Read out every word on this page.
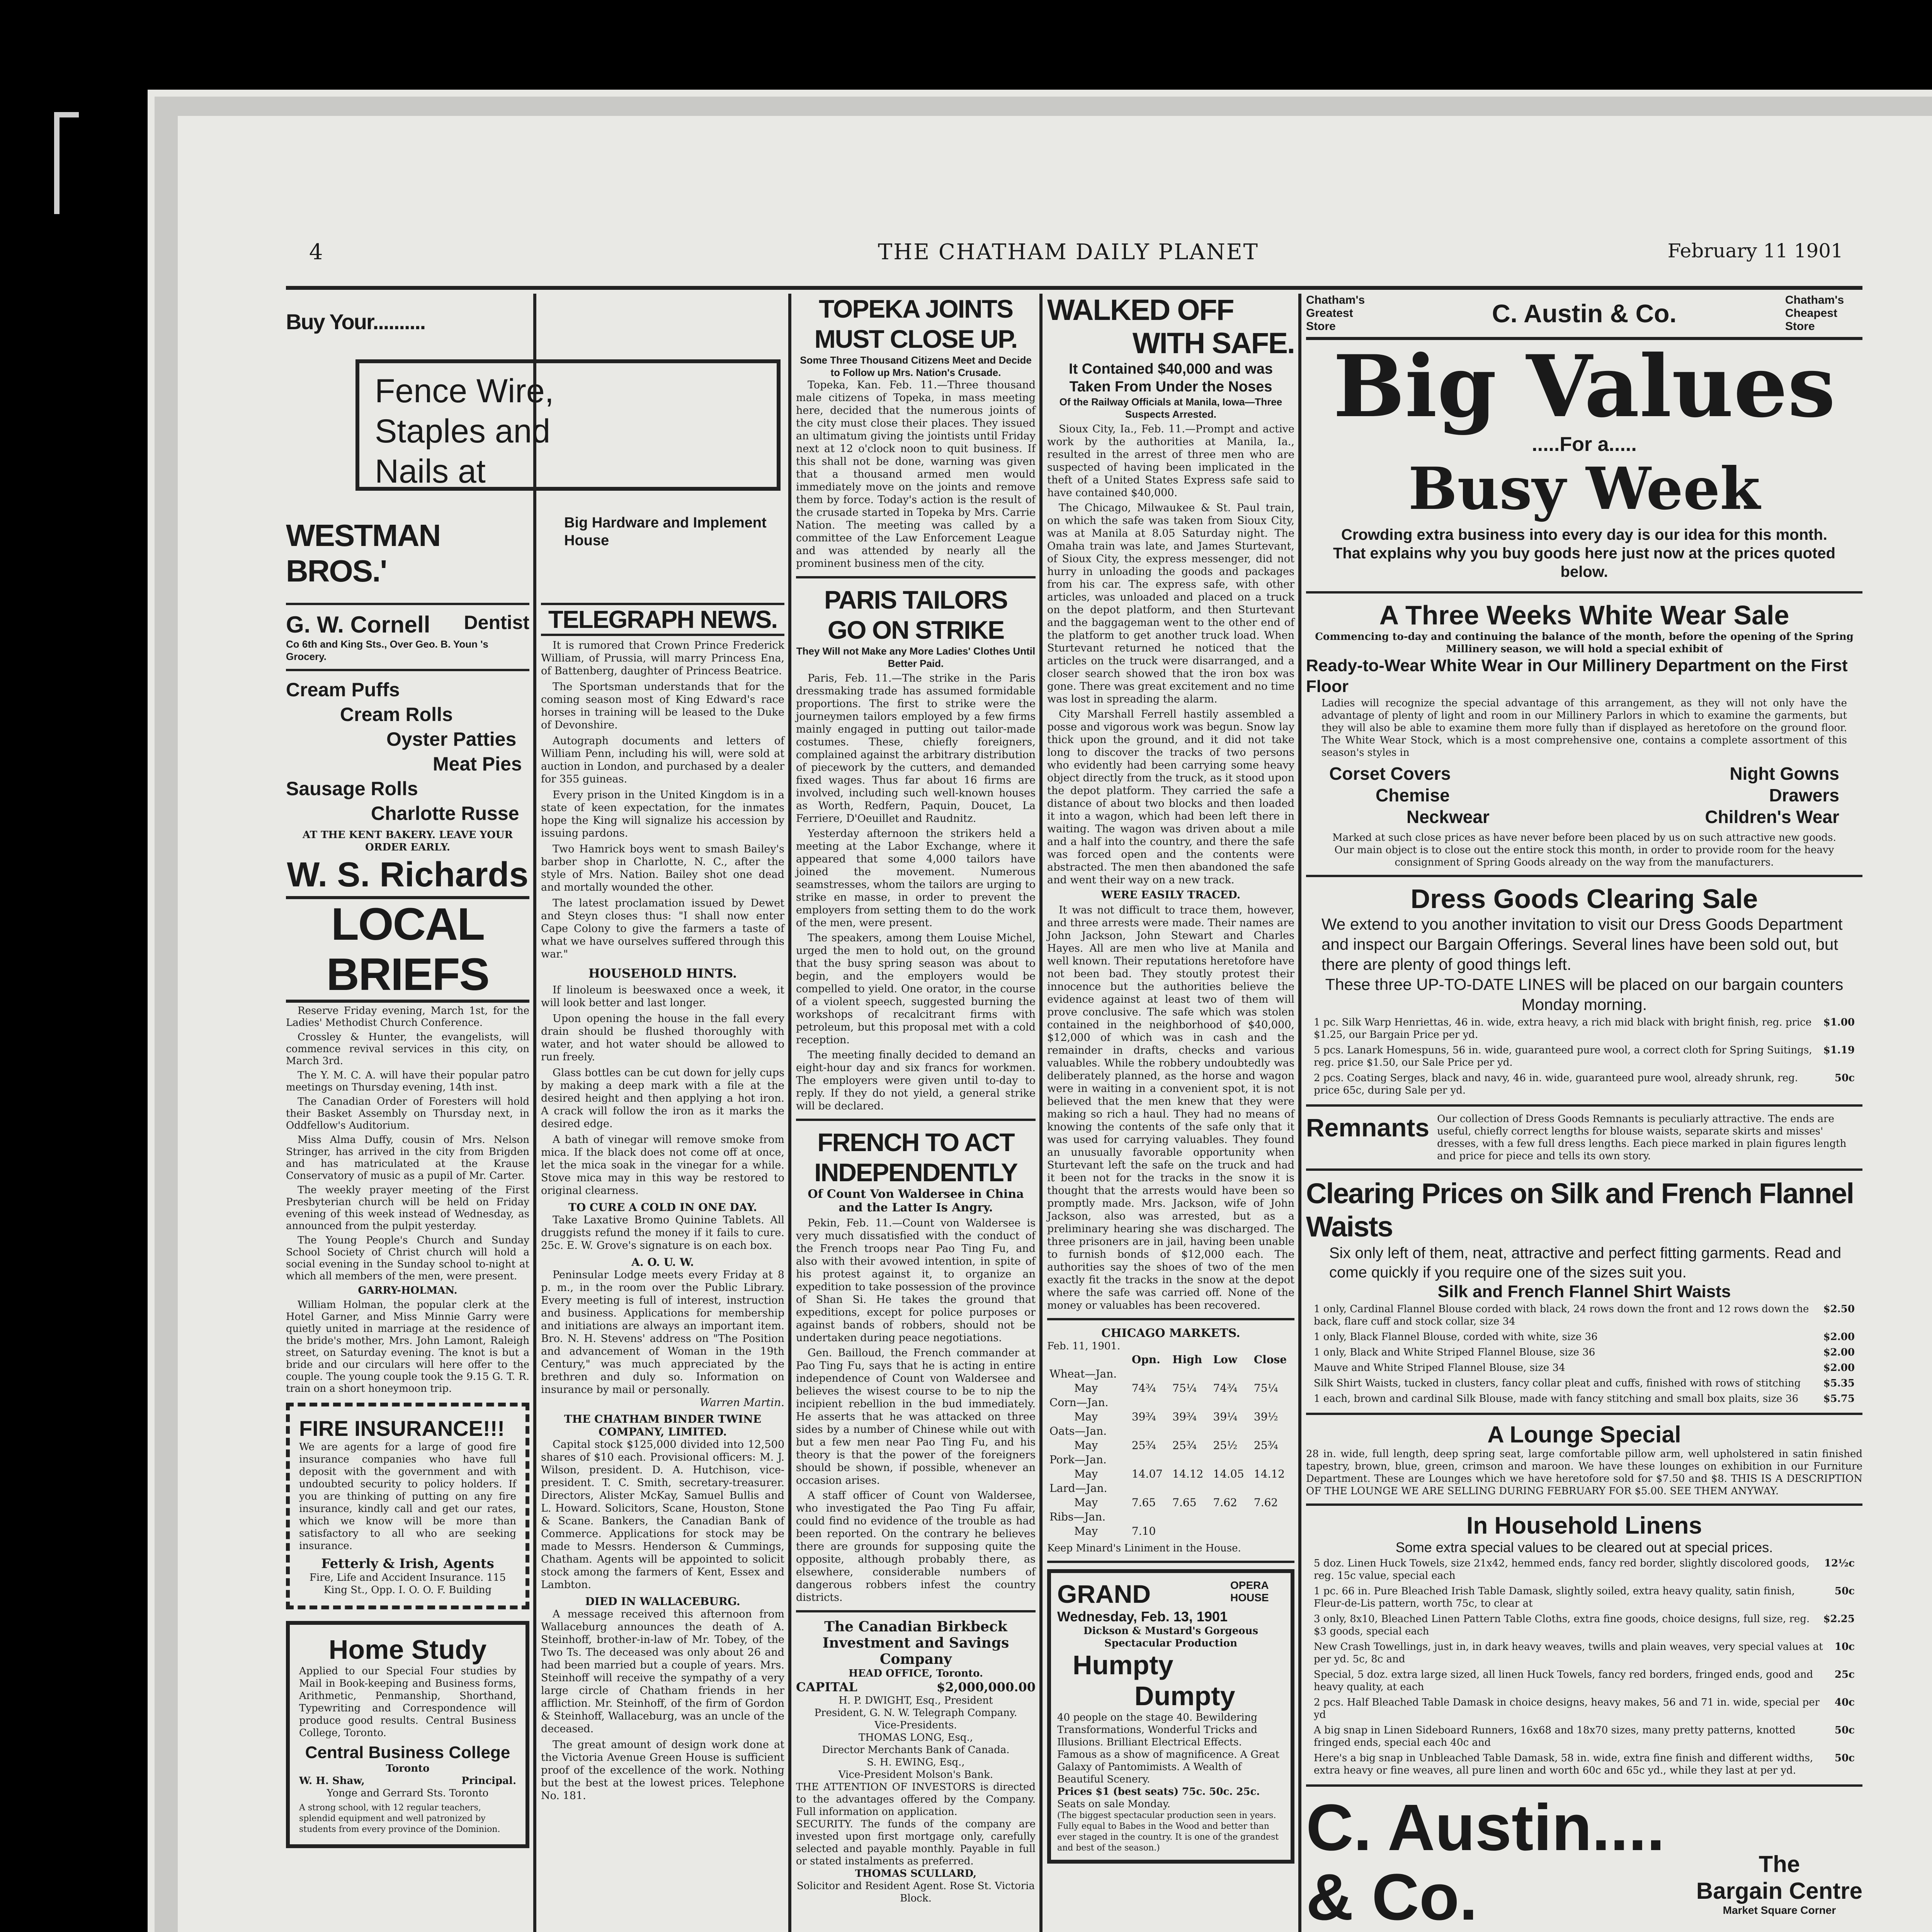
4	THE CHATHAM DAILY PLANET	February 11 1901
Buy Your..........
Fence Wire,
Staples and
Nails at
WESTMAN BROS.'
Big Hardware and Implement House
G. W. Cornell Dentist
Co 6th and King Sts., Over Geo. B. Youn 's Grocery.
Cream Puffs
Cream Rolls
Oyster Patties
Meat Pies
Sausage Rolls
Charlotte Russe
AT THE KENT BAKERY. LEAVE YOUR ORDER EARLY.
W. S. Richards
LOCAL BRIEFS

Reserve Friday evening, March 1st, for the Ladies' Methodist Church Conference.

Crossley & Hunter, the evangelists, will commence revival services in this city, on March 3rd.

The Y. M. C. A. will have their popular patro meetings on Thursday evening, 14th inst.

The Canadian Order of Foresters will hold their Basket Assembly on Thursday next, in Oddfellow's Auditorium.

Miss Alma Duffy, cousin of Mrs. Nelson Stringer, has arrived in the city from Brigden and has matriculated at the Krause Conservatory of music as a pupil of Mr. Carter.

The weekly prayer meeting of the First Presbyterian church will be held on Friday evening of this week instead of Wednesday, as announced from the pulpit yesterday.

The Young People's Church and Sunday School Society of Christ church will hold a social evening in the Sunday school to-night at which all members of the men, were present.

GARRY-HOLMAN.

William Holman, the popular clerk at the Hotel Garner, and Miss Minnie Garry were quietly united in marriage at the residence of the bride's mother, Mrs. John Lamont, Raleigh street, on Saturday evening. The knot is but a bride and our circulars will here offer to the couple. The young couple took the 9.15 G. T. R. train on a short honeymoon trip.

FIRE INSURANCE!!!
We are agents for a large of good fire insurance companies who have full deposit with the government and with undoubted security to policy holders. If you are thinking of putting on any fire insurance, kindly call and get our rates, which we know will be more than satisfactory to all who are seeking insurance.
Fetterly & Irish, Agents
Fire, Life and Accident Insurance. 115 King St., Opp. I. O. O. F. Building
Home Study
Applied to our Special Four studies by Mail in Book-keeping and Business forms, Arithmetic, Penmanship, Shorthand, Typewriting and Correspondence will produce good results. Central Business College, Toronto.
Central Business College
Toronto
W. H. Shaw,	Principal.
Yonge and Gerrard Sts. Toronto
A strong school, with 12 regular teachers, splendid equipment and well patronized by students from every province of the Dominion.
TELEGRAPH NEWS.

It is rumored that Crown Prince Frederick William, of Prussia, will marry Princess Ena, of Battenberg, daughter of Princess Beatrice.

The Sportsman understands that for the coming season most of King Edward's race horses in training will be leased to the Duke of Devonshire.

Autograph documents and letters of William Penn, including his will, were sold at auction in London, and purchased by a dealer for 355 guineas.

Every prison in the United Kingdom is in a state of keen expectation, for the inmates hope the King will signalize his accession by issuing pardons.

Two Hamrick boys went to smash Bailey's barber shop in Charlotte, N. C., after the style of Mrs. Nation. Bailey shot one dead and mortally wounded the other.

The latest proclamation issued by Dewet and Steyn closes thus: "I shall now enter Cape Colony to give the farmers a taste of what we have ourselves suffered through this war."

HOUSEHOLD HINTS.

If linoleum is beeswaxed once a week, it will look better and last longer.

Upon opening the house in the fall every drain should be flushed thoroughly with water, and hot water should be allowed to run freely.

Glass bottles can be cut down for jelly cups by making a deep mark with a file at the desired height and then applying a hot iron. A crack will follow the iron as it marks the desired edge.

A bath of vinegar will remove smoke from mica. If the black does not come off at once, let the mica soak in the vinegar for a while. Stove mica may in this way be restored to original clearness.

TO CURE A COLD IN ONE DAY.
Take Laxative Bromo Quinine Tablets. All druggists refund the money if it fails to cure. 25c. E. W. Grove's signature is on each box.
A. O. U. W.
Peninsular Lodge meets every Friday at 8 p. m., in the room over the Public Library. Every meeting is full of interest, instruction and business. Applications for membership and initiations are always an important item. Bro. N. H. Stevens' address on "The Position and advancement of Woman in the 19th Century," was much appreciated by the brethren and duly so. Information on insurance by mail or personally.
Warren Martin.
THE CHATHAM BINDER TWINE COMPANY, LIMITED.
Capital stock $125,000 divided into 12,500 shares of $10 each. Provisional officers: M. J. Wilson, president. D. A. Hutchison, vice-president. T. C. Smith, secretary-treasurer. Directors, Alister McKay, Samuel Bullis and L. Howard. Solicitors, Scane, Houston, Stone & Scane. Bankers, the Canadian Bank of Commerce. Applications for stock may be made to Messrs. Henderson & Cummings, Chatham. Agents will be appointed to solicit stock among the farmers of Kent, Essex and Lambton.
DIED IN WALLACEBURG.
A message received this afternoon from Wallaceburg announces the death of A. Steinhoff, brother-in-law of Mr. Tobey, of the Two Ts. The deceased was only about 26 and had been married but a couple of years. Mrs. Steinhoff will receive the sympathy of a very large circle of Chatham friends in her affliction. Mr. Steinhoff, of the firm of Gordon & Steinhoff, Wallaceburg, was an uncle of the deceased.
The great amount of design work done at the Victoria Avenue Green House is sufficient proof of the excellence of the work. Nothing but the best at the lowest prices. Telephone No. 181.
TOPEKA JOINTS
MUST CLOSE UP.
Some Three Thousand Citizens Meet and Decide to Follow up Mrs. Nation's Crusade.
Topeka, Kan. Feb. 11.—Three thousand male citizens of Topeka, in mass meeting here, decided that the numerous joints of the city must close their places. They issued an ultimatum giving the jointists until Friday next at 12 o'clock noon to quit business. If this shall not be done, warning was given that a thousand armed men would immediately move on the joints and remove them by force. Today's action is the result of the crusade started in Topeka by Mrs. Carrie Nation. The meeting was called by a committee of the Law Enforcement League and was attended by nearly all the prominent business men of the city.
PARIS TAILORS
GO ON STRIKE
They Will not Make any More Ladies' Clothes Until Better Paid.

Paris, Feb. 11.—The strike in the Paris dressmaking trade has assumed formidable proportions. The first to strike were the journeymen tailors employed by a few firms mainly engaged in putting out tailor-made costumes. These, chiefly foreigners, complained against the arbitrary distribution of piecework by the cutters, and demanded fixed wages. Thus far about 16 firms are involved, including such well-known houses as Worth, Redfern, Paquin, Doucet, La Ferriere, D'Oeuillet and Raudnitz.

Yesterday afternoon the strikers held a meeting at the Labor Exchange, where it appeared that some 4,000 tailors have joined the movement. Numerous seamstresses, whom the tailors are urging to strike en masse, in order to prevent the employers from setting them to do the work of the men, were present.

The speakers, among them Louise Michel, urged the men to hold out, on the ground that the busy spring season was about to begin, and the employers would be compelled to yield. One orator, in the course of a violent speech, suggested burning the workshops of recalcitrant firms with petroleum, but this proposal met with a cold reception.

The meeting finally decided to demand an eight-hour day and six francs for workmen. The employers were given until to-day to reply. If they do not yield, a general strike will be declared.

FRENCH TO ACT
INDEPENDENTLY
Of Count Von Waldersee in China and the Latter Is Angry.

Pekin, Feb. 11.—Count von Waldersee is very much dissatisfied with the conduct of the French troops near Pao Ting Fu, and also with their avowed intention, in spite of his protest against it, to organize an expedition to take possession of the province of Shan Si. He takes the ground that expeditions, except for police purposes or against bands of robbers, should not be undertaken during peace negotiations.

Gen. Bailloud, the French commander at Pao Ting Fu, says that he is acting in entire independence of Count von Waldersee and believes the wisest course to be to nip the incipient rebellion in the bud immediately. He asserts that he was attacked on three sides by a number of Chinese while out with but a few men near Pao Ting Fu, and his theory is that the power of the foreigners should be shown, if possible, whenever an occasion arises.

A staff officer of Count von Waldersee, who investigated the Pao Ting Fu affair, could find no evidence of the trouble as had been reported. On the contrary he believes there are grounds for supposing quite the opposite, although probably there, as elsewhere, considerable numbers of dangerous robbers infest the country districts.

The Canadian Birkbeck Investment and Savings Company
HEAD OFFICE, Toronto.
CAPITAL	$2,000,000.00
H. P. DWIGHT, Esq., President
President, G. N. W. Telegraph Company.
Vice-Presidents.
THOMAS LONG, Esq.,
Director Merchants Bank of Canada.
S. H. EWING, Esq.,
Vice-President Molson's Bank.
THE ATTENTION OF INVESTORS is directed to the advantages offered by the Company. Full information on application.
SECURITY. The funds of the company are invested upon first mortgage only, carefully selected and payable monthly. Payable in full or stated instalments as preferred.
THOMAS SCULLARD,
Solicitor and Resident Agent. Rose St. Victoria Block.
WALKED OFF
WITH SAFE.
It Contained $40,000 and was Taken From Under the Noses
Of the Railway Officials at Manila, Iowa—Three Suspects Arrested.

Sioux City, Ia., Feb. 11.—Prompt and active work by the authorities at Manila, Ia., resulted in the arrest of three men who are suspected of having been implicated in the theft of a United States Express safe said to have contained $40,000.

The Chicago, Milwaukee & St. Paul train, on which the safe was taken from Sioux City, was at Manila at 8.05 Saturday night. The Omaha train was late, and James Sturtevant, of Sioux City, the express messenger, did not hurry in unloading the goods and packages from his car. The express safe, with other articles, was unloaded and placed on a truck on the depot platform, and then Sturtevant and the baggageman went to the other end of the platform to get another truck load. When Sturtevant returned he noticed that the articles on the truck were disarranged, and a closer search showed that the iron box was gone. There was great excitement and no time was lost in spreading the alarm.

City Marshall Ferrell hastily assembled a posse and vigorous work was begun. Snow lay thick upon the ground, and it did not take long to discover the tracks of two persons who evidently had been carrying some heavy object directly from the truck, as it stood upon the depot platform. They carried the safe a distance of about two blocks and then loaded it into a wagon, which had been left there in waiting. The wagon was driven about a mile and a half into the country, and there the safe was forced open and the contents were abstracted. The men then abandoned the safe and went their way on a new track.

WERE EASILY TRACED.

It was not difficult to trace them, however, and three arrests were made. Their names are John Jackson, John Stewart and Charles Hayes. All are men who live at Manila and well known. Their reputations heretofore have not been bad. They stoutly protest their innocence but the authorities believe the evidence against at least two of them will prove conclusive. The safe which was stolen contained in the neighborhood of $40,000, $12,000 of which was in cash and the remainder in drafts, checks and various valuables. While the robbery undoubtedly was deliberately planned, as the horse and wagon were in waiting in a convenient spot, it is not believed that the men knew that they were making so rich a haul. They had no means of knowing the contents of the safe only that it was used for carrying valuables. They found an unusually favorable opportunity when Sturtevant left the safe on the truck and had it been not for the tracks in the snow it is thought that the arrests would have been so promptly made. Mrs. Jackson, wife of John Jackson, also was arrested, but as a preliminary hearing she was discharged. The three prisoners are in jail, having been unable to furnish bonds of $12,000 each. The authorities say the shoes of two of the men exactly fit the tracks in the snow at the depot where the safe was carried off. None of the money or valuables has been recovered.

CHICAGO MARKETS.
Feb. 11, 1901.
	Opn.	High	Low	Close
Wheat—Jan.				
May	74¾	75¼	74¾	75¼
Corn—Jan.				
May	39¾	39¾	39¼	39½
Oats—Jan.				
May	25¾	25¾	25½	25¾
Pork—Jan.				
May	14.07	14.12	14.05	14.12
Lard—Jan.				
May	7.65	7.65	7.62	7.62
Ribs—Jan.				
May	7.10			
Keep Minard's Liniment in the House.
GRAND	OPERA HOUSE
Wednesday, Feb. 13, 1901
Dickson & Mustard's Gorgeous Spectacular Production
Humpty
Dumpty
40 people on the stage 40. Bewildering Transformations, Wonderful Tricks and Illusions. Brilliant Electrical Effects. Famous as a show of magnificence. A Great Galaxy of Pantomimists. A Wealth of Beautiful Scenery.
Prices $1 (best seats) 75c. 50c. 25c.
Seats on sale Monday.
(The biggest spectacular production seen in years. Fully equal to Babes in the Wood and better than ever staged in the country. It is one of the grandest and best of the season.)
Chatham's Greatest Store	C. Austin & Co.	Chatham's Cheapest Store
Big Values
.....For a.....
Busy Week
Crowding extra business into every day is our idea for this month. That explains why you buy goods here just now at the prices quoted below.
A Three Weeks White Wear Sale
Commencing to-day and continuing the balance of the month, before the opening of the Spring Millinery season, we will hold a special exhibit of
Ready-to-Wear White Wear in Our Millinery Department on the First Floor
Ladies will recognize the special advantage of this arrangement, as they will not only have the advantage of plenty of light and room in our Millinery Parlors in which to examine the garments, but they will also be able to examine them more fully than if displayed as heretofore on the ground floor. The White Wear Stock, which is a most comprehensive one, contains a complete assortment of this season's styles in
Corset Covers	Night Gowns
Chemise	Drawers
Neckwear	Children's Wear
Marked at such close prices as have never before been placed by us on such attractive new goods.
Our main object is to close out the entire stock this month, in order to provide room for the heavy consignment of Spring Goods already on the way from the manufacturers.
Dress Goods Clearing Sale
We extend to you another invitation to visit our Dress Goods Department and inspect our Bargain Offerings. Several lines have been sold out, but there are plenty of good things left.
These three UP-TO-DATE LINES will be placed on our bargain counters Monday morning.
1 pc. Silk Warp Henriettas, 46 in. wide, extra heavy, a rich mid black with bright finish, reg. price $1.25, our Bargain Price per yd.
$1.00
5 pcs. Lanark Homespuns, 56 in. wide, guaranteed pure wool, a correct cloth for Spring Suitings, reg. price $1.50, our Sale Price per yd.
$1.19
2 pcs. Coating Serges, black and navy, 46 in. wide, guaranteed pure wool, already shrunk, reg. price 65c, during Sale per yd.
50c
Remnants Our collection of Dress Goods Remnants is peculiarly attractive. The ends are useful, chiefly correct lengths for blouse waists, separate skirts and misses' dresses, with a few full dress lengths. Each piece marked in plain figures length and price for piece and tells its own story.
Clearing Prices on Silk and French Flannel Waists
Six only left of them, neat, attractive and perfect fitting garments. Read and come quickly if you require one of the sizes suit you.
Silk and French Flannel Shirt Waists
1 only, Cardinal Flannel Blouse corded with black, 24 rows down the front and 12 rows down the back, flare cuff and stock collar, size 34
$2.50
1 only, Black Flannel Blouse, corded with white, size 36	$2.00
1 only, Black and White Striped Flannel Blouse, size 36	$2.00
Mauve and White Striped Flannel Blouse, size 34	$2.00
Silk Shirt Waists, tucked in clusters, fancy collar pleat and cuffs, finished with rows of stitching	$5.35
1 each, brown and cardinal Silk Blouse, made with fancy stitching and small box plaits, size 36	$5.75
A Lounge Special
28 in. wide, full length, deep spring seat, large comfortable pillow arm, well upholstered in satin finished tapestry, brown, blue, green, crimson and maroon. We have these lounges on exhibition in our Furniture Department. These are Lounges which we have heretofore sold for $7.50 and $8. THIS IS A DESCRIPTION OF THE LOUNGE WE ARE SELLING DURING FEBRUARY FOR $5.00. SEE THEM ANYWAY.
In Household Linens
Some extra special values to be cleared out at special prices.
5 doz. Linen Huck Towels, size 21x42, hemmed ends, fancy red border, slightly discolored goods, reg. 15c value, special each
12½c
1 pc. 66 in. Pure Bleached Irish Table Damask, slightly soiled, extra heavy quality, satin finish, Fleur-de-Lis pattern, worth 75c, to clear at
50c
3 only, 8x10, Bleached Linen Pattern Table Cloths, extra fine goods, choice designs, full size, reg. $3 goods, special each
$2.25
New Crash Towellings, just in, in dark heavy weaves, twills and plain weaves, very special values at per yd. 5c, 8c and
10c
Special, 5 doz. extra large sized, all linen Huck Towels, fancy red borders, fringed ends, good and heavy quality, at each
25c
2 pcs. Half Bleached Table Damask in choice designs, heavy makes, 56 and 71 in. wide, special per yd
40c
A big snap in Linen Sideboard Runners, 16x68 and 18x70 sizes, many pretty patterns, knotted fringed ends, special each 40c and
50c
Here's a big snap in Unbleached Table Damask, 58 in. wide, extra fine finish and different widths, extra heavy or fine weaves, all pure linen and worth 60c and 65c yd., while they last at per yd.
50c
C. Austin....
& Co.	The
Bargain Centre
Market Square Corner
